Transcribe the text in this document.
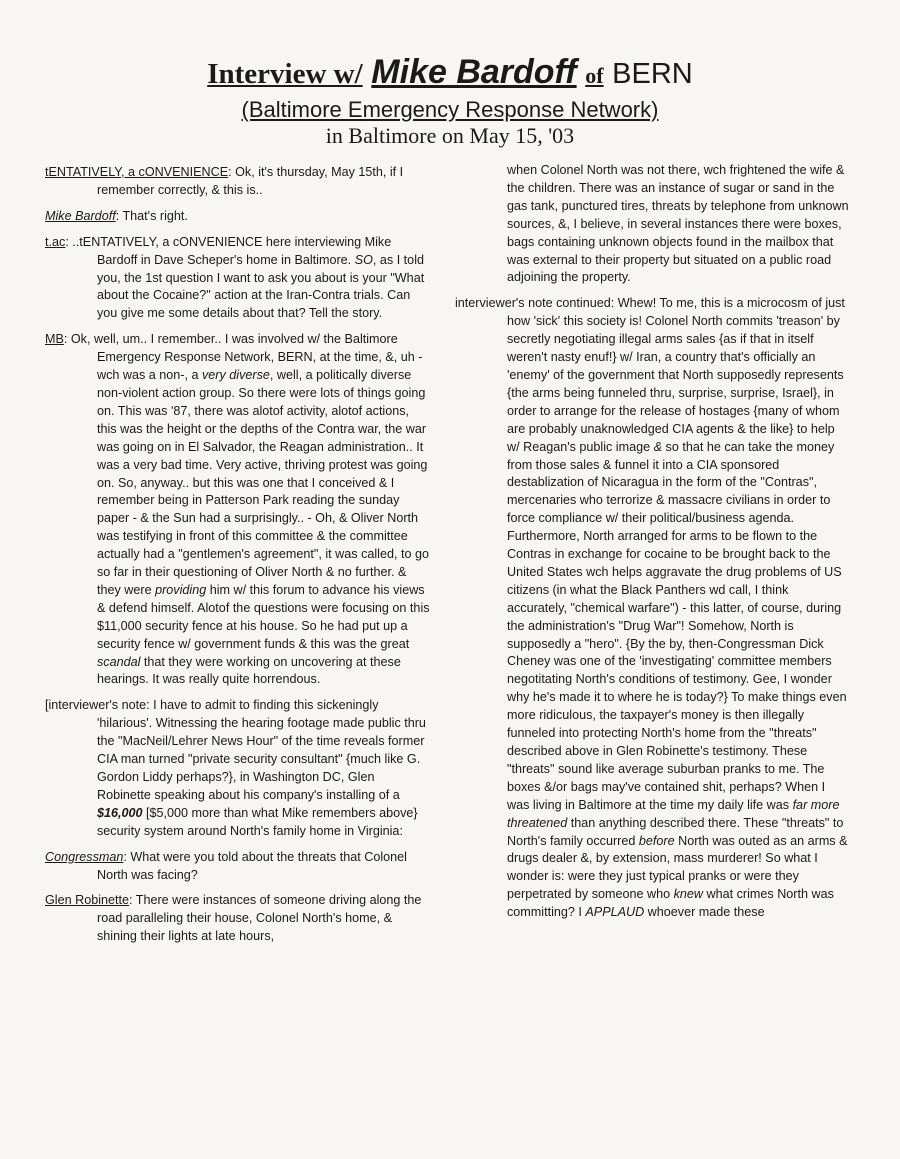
Interview w/ Mike Bardoff of BERN
(Baltimore Emergency Response Network)
in Baltimore on May 15, '03

tENTATIVELY, a cONVENIENCE: Ok, it's thursday, May 15th, if I remember correctly, & this is..

Mike Bardoff: That's right.

t.ac: ..tENTATIVELY, a cONVENIENCE here interviewing Mike Bardoff in Dave Scheper's home in Baltimore. SO, as I told you, the 1st question I want to ask you about is your "What about the Cocaine?" action at the Iran-Contra trials. Can you give me some details about that? Tell the story.

MB: Ok, well, um.. I remember.. I was involved w/ the Baltimore Emergency Response Network, BERN, at the time, &, uh - wch was a non-, a very diverse, well, a politically diverse non-violent action group. So there were lots of things going on. This was '87, there was alotof activity, alotof actions, this was the height or the depths of the Contra war, the war was going on in El Salvador, the Reagan administration.. It was a very bad time. Very active, thriving protest was going on. So, anyway.. but this was one that I conceived & I remember being in Patterson Park reading the sunday paper - & the Sun had a surprisingly.. - Oh, & Oliver North was testifying in front of this committee & the committee actually had a "gentlemen's agreement", it was called, to go so far in their questioning of Oliver North & no further. & they were providing him w/ this forum to advance his views & defend himself. Alotof the questions were focusing on this $11,000 security fence at his house. So he had put up a security fence w/ government funds & this was the great scandal that they were working on uncovering at these hearings. It was really quite horrendous.

[interviewer's note: I have to admit to finding this sickeningly 'hilarious'. Witnessing the hearing footage made public thru the "MacNeil/Lehrer News Hour" of the time reveals former CIA man turned "private security consultant" {much like G. Gordon Liddy perhaps?}, in Washington DC, Glen Robinette speaking about his company's installing of a $16,000 [$5,000 more than what Mike remembers above} security system around North's family home in Virginia:

Congressman: What were you told about the threats that Colonel North was facing?

Glen Robinette: There were instances of someone driving along the road paralleling their house, Colonel North's home, & shining their lights at late hours,

when Colonel North was not there, wch frightened the wife & the children. There was an instance of sugar or sand in the gas tank, punctured tires, threats by telephone from unknown sources, &, I believe, in several instances there were boxes, bags containing unknown objects found in the mailbox that was external to their property but situated on a public road adjoining the property.

interviewer's note continued: Whew! To me, this is a microcosm of just how 'sick' this society is! Colonel North commits 'treason' by secretly negotiating illegal arms sales {as if that in itself weren't nasty enuf!} w/ Iran, a country that's officially an 'enemy' of the government that North supposedly represents {the arms being funneled thru, surprise, surprise, Israel}, in order to arrange for the release of hostages {many of whom are probably unaknowledged CIA agents & the like} to help w/ Reagan's public image & so that he can take the money from those sales & funnel it into a CIA sponsored destablization of Nicaragua in the form of the "Contras", mercenaries who terrorize & massacre civilians in order to force compliance w/ their political/business agenda. Furthermore, North arranged for arms to be flown to the Contras in exchange for cocaine to be brought back to the United States wch helps aggravate the drug problems of US citizens (in what the Black Panthers wd call, I think accurately, "chemical warfare") - this latter, of course, during the administration's "Drug War"! Somehow, North is supposedly a "hero". {By the by, then-Congressman Dick Cheney was one of the 'investigating' committee members negotitating North's conditions of testimony. Gee, I wonder why he's made it to where he is today?} To make things even more ridiculous, the taxpayer's money is then illegally funneled into protecting North's home from the "threats" described above in Glen Robinette's testimony. These "threats" sound like average suburban pranks to me. The boxes &/or bags may've contained shit, perhaps? When I was living in Baltimore at the time my daily life was far more threatened than anything described there. These "threats" to North's family occurred before North was outed as an arms & drugs dealer &, by extension, mass murderer! So what I wonder is: were they just typical pranks or were they perpetrated by someone who knew what crimes North was committing? I APPLAUD whoever made these
